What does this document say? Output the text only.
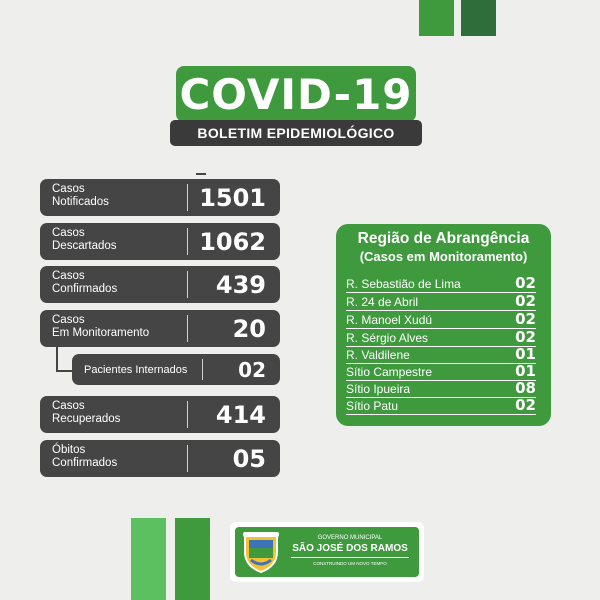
COVID-19
BOLETIM EPIDEMIOLÓGICO
Casos
Notificados	1501
Casos
Descartados	1062
Casos
Confirmados	439
Casos
Em Monitoramento	20
Pacientes Internados	02
Casos
Recuperados	414
Óbitos
Confirmados	05
Região de Abrangência
(Casos em Monitoramento)
R. Sebastião de Lima	02
R. 24 de Abril	02
R. Manoel Xudú	02
R. Sérgio Alves	02
R. Valdilene	01
Sítio Campestre	01
Sítio Ipueira	08
Sítio Patu	02
GOVERNO MUNICIPAL
SÃO JOSÉ DOS RAMOS
CONSTRUINDO UM NOVO TEMPO
